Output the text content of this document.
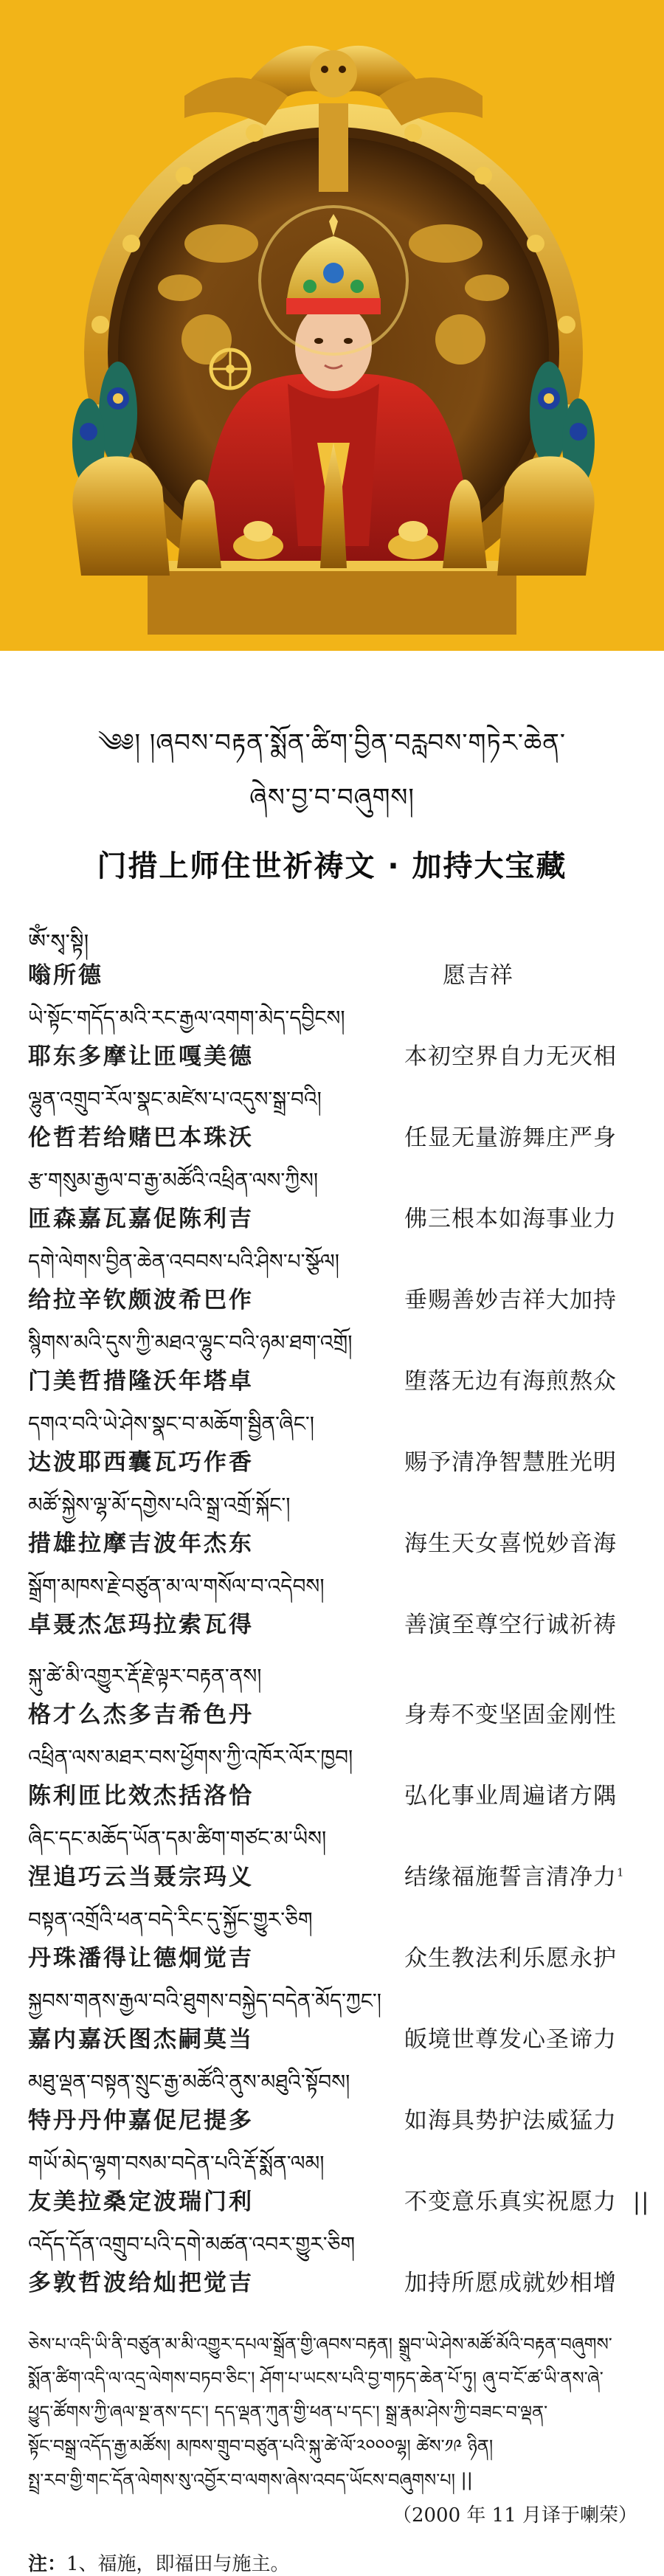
༄༅། །ཞབས་བརྟན་སྨོན་ཚིག་བྱིན་བརླབས་གཏེར་ཆེན་
ཞེས་བྱ་བ་བཞུགས།
门措上师住世祈祷文 · 加持大宝藏
ༀ་སྭ་སྟི།
嗡所德	愿吉祥
ཡེ་སྟོང་གདོད་མའི་རང་རྒྱལ་འགག་མེད་དབྱིངས།
耶东多摩让匝嘎美德	本初空界自力无灭相
ལྷུན་འགྲུབ་རོལ་སྣང་མཛེས་པ་འདུས་སྒྲ་བའི།
伦哲若给赌巴本珠沃	任显无量游舞庄严身
རྩ་གསུམ་རྒྱལ་བ་རྒྱ་མཚོའི་འཕྲིན་ལས་ཀྱིས།
匝森嘉瓦嘉促陈利吉	佛三根本如海事业力
དགེ་ལེགས་བྱིན་ཆེན་འབབས་པའི་ཤིས་པ་སྩོལ།
给拉辛钦颇波希巴作	垂赐善妙吉祥大加持
སྙིགས་མའི་དུས་ཀྱི་མཐའ་ལྷུང་བའི་ཉམ་ཐག་འགྲོ།
门美哲措隆沃年塔卓	堕落无边有海煎熬众
དགའ་བའི་ཡེ་ཤེས་སྣང་བ་མཆོག་སྦྱིན་ཞིང་།
达波耶西囊瓦巧作香	赐予清净智慧胜光明
མཚོ་སྐྱེས་ལྷ་མོ་དགྱེས་པའི་སྒྲ་འགྲོ་སྐོང་།
措雄拉摩吉波年杰东	海生天女喜悦妙音海
སྒྲོག་མཁས་རྗེ་བཙུན་མ་ལ་གསོལ་བ་འདེབས།
卓聂杰怎玛拉索瓦得	善演至尊空行诚祈祷
སྐུ་ཚེ་མི་འགྱུར་རྡོ་རྗེ་ལྟར་བརྟན་ནས།
格才么杰多吉希色丹	身寿不变坚固金刚性
འཕྲིན་ལས་མཐར་བས་ཕྱོགས་ཀྱི་འཁོར་ལོར་ཁྱབ།
陈利匝比效杰括洛恰	弘化事业周遍诸方隅
ཞིང་དང་མཆོད་ཡོན་དམ་ཚིག་གཙང་མ་ཡིས།
涅追巧云当聂宗玛义	结缘福施誓言清净力$^1$
བསྟན་འགྲོའི་ཕན་བདེ་རིང་དུ་སྐྱོང་གྱུར་ཅིག
丹珠潘得让德炯觉吉	众生教法利乐愿永护
སྐྱབས་གནས་རྒྱལ་བའི་ཐུགས་བསྐྱེད་བདེན་མོད་ཀྱང་།
嘉内嘉沃图杰嗣莫当	皈境世尊发心圣谛力
མཐུ་ལྡན་བསྟན་སྲུང་རྒྱ་མཚོའི་ནུས་མཐུའི་སྟོབས།
特丹丹仲嘉促尼提多	如海具势护法威猛力
གཡོ་མེད་ལྷག་བསམ་བདེན་པའི་རྡོ་སྨོན་ལམ།
友美拉桑定波瑞门利	不变意乐真实祝愿力 ||
འདོད་དོན་འགྲུབ་པའི་དགེ་མཚན་འབར་གྱུར་ཅིག
多敦哲波给灿把觉吉	加持所愿成就妙相增

ཅེས་པ་འདི་ཡི་ནི་བཙུན་མ་མི་འགྱུར་དཔལ་སྒྲོན་གྱི་ཞབས་བརྟན། སྒྲུབ་ཡེ་ཤེས་མཚོ་མོའི་བརྟན་བཞུགས་

སྨོན་ཚིག་འདི་ལ་འདྲ་ལེགས་བཏབ་ཅིང་། ཤོག་པ་ཡངས་པའི་བྱ་གཏད་ཆེན་པོ་ཏུ། ཞུ་བ་ངོ་ཚ་ཡི་ནས་ཞེ་

ཕྱུད་ཚོགས་ཀྱི་ཞལ་སྔ་ནས་དང་། དད་ལྡན་ཀུན་གྱི་ཕན་པ་དང་། སྒྲ་རྣམ་ཤེས་ཀྱི་བཟང་བ་ལྡན་

སྟོང་བསྒྲ་འདོད་རྒྱ་མཚོས། མཁས་གྲུབ་བཙུན་པའི་སྐུ་ཚེ་ལོ་༢༠༠༠ལྷ། ཚེས་༡༩ ཉིན།

སྤྲ་རབ་གྱི་གང་དོན་ལེགས་སུ་འབྱོར་བ་ལགས་ཞེས་འབད་ཡོངས་བཞུགས་པ། ||

（2000 年 11 月译于喇荣）
注：1、福施，即福田与施主。
